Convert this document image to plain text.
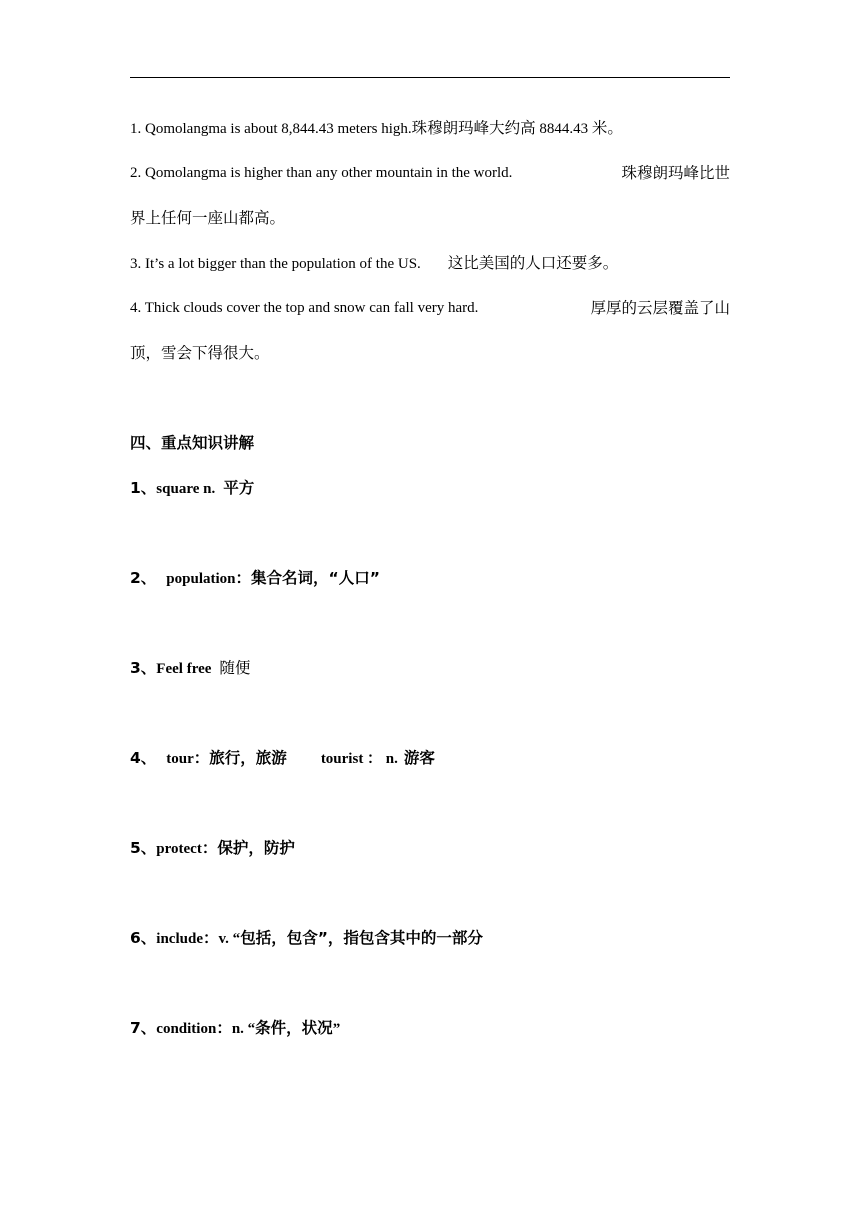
1. Qomolangma is about 8,844.43 meters high.珠穆朗玛峰大约高 8844.43 米。
2. Qomolangma is higher than any other mountain in the world.	珠穆朗玛峰比世
界上任何一座山都高。
3. It’s a lot bigger than the population of the US. 这比美国的人口还要多。
4. Thick clouds cover the top and snow can fall very hard.	厚厚的云层覆盖了山
顶，雪会下得很大。
四、重点知识讲解
1、square n. 平方
2、 population：集合名词，“人口”
3、Feel free 随便
4、 tour：旅行，旅游 tourist ： n. 游客
5、protect：保护，防护
6、include：v. “包括，包含”，指包含其中的一部分
7、condition：n. “条件，状况”
